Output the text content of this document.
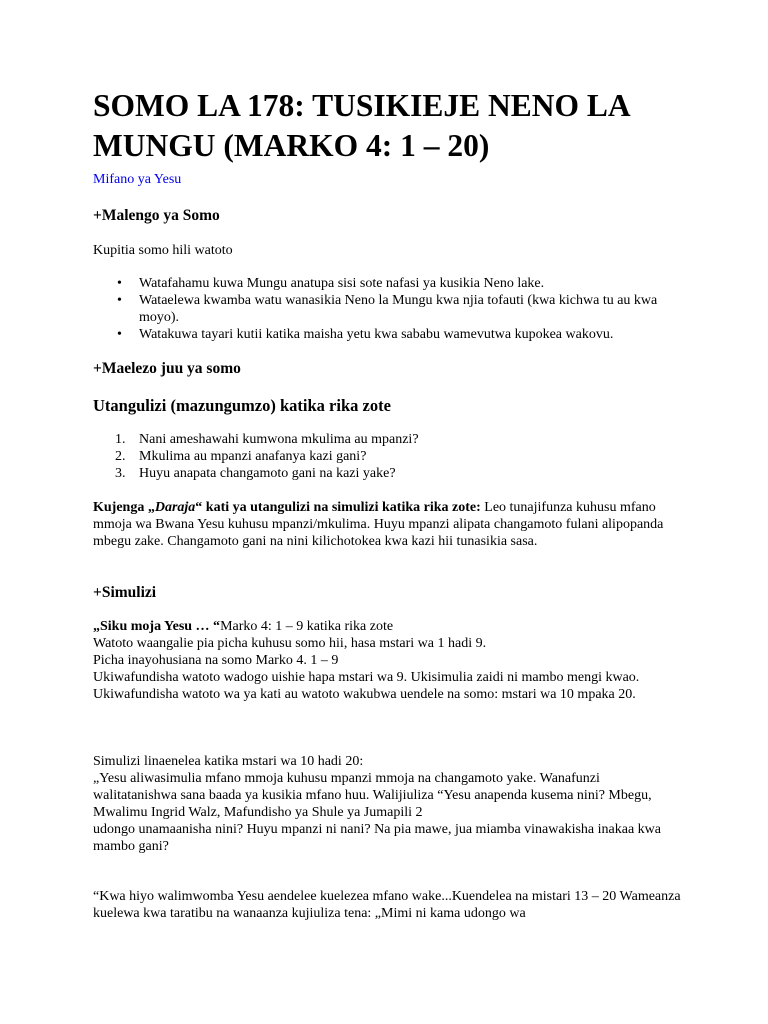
SOMO LA 178: TUSIKIEJE NENO LA MUNGU (MARKO 4: 1 – 20)
Mifano ya Yesu
+Malengo ya Somo

Kupitia somo hili watoto

• Watafahamu kuwa Mungu anatupa sisi sote nafasi ya kusikia Neno lake.
• Wataelewa kwamba watu wanasikia Neno la Mungu kwa njia tofauti (kwa kichwa tu au kwa moyo).
• Watakuwa tayari kutii katika maisha yetu kwa sababu wamevutwa kupokea wakovu.
+Maelezo juu ya somo
Utangulizi (mazungumzo) katika rika zote
1. Nani ameshawahi kumwona mkulima au mpanzi?
2. Mkulima au mpanzi anafanya kazi gani?
3. Huyu anapata changamoto gani na kazi yake?

Kujenga „Daraja“ kati ya utangulizi na simulizi katika rika zote: Leo tunajifunza kuhusu mfano mmoja wa Bwana Yesu kuhusu mpanzi/mkulima. Huyu mpanzi alipata changamoto fulani alipopanda mbegu zake. Changamoto gani na nini kilichotokea kwa kazi hii tunasikia sasa.

+Simulizi
„Siku moja Yesu … “Marko 4: 1 – 9 katika rika zote
Watoto waangalie pia picha kuhusu somo hii, hasa mstari wa 1 hadi 9.
Picha inayohusiana na somo Marko 4. 1 – 9
Ukiwafundisha watoto wadogo uishie hapa mstari wa 9. Ukisimulia zaidi ni mambo mengi kwao.
Ukiwafundisha watoto wa ya kati au watoto wakubwa uendele na somo: mstari wa 10 mpaka 20.
Simulizi linaenelea katika mstari wa 10 hadi 20:
„Yesu aliwasimulia mfano mmoja kuhusu mpanzi mmoja na changamoto yake. Wanafunzi walitatanishwa sana baada ya kusikia mfano huu. Walijiuliza “Yesu anapenda kusema nini? Mbegu,
Mwalimu Ingrid Walz, Mafundisho ya Shule ya Jumapili 2
udongo unamaanisha nini? Huyu mpanzi ni nani? Na pia mawe, jua miamba vinawakisha inakaa kwa mambo gani?

“Kwa hiyo walimwomba Yesu aendelee kuelezea mfano wake...Kuendelea na mistari 13 – 20 Wameanza kuelewa kwa taratibu na wanaanza kujiuliza tena: „Mimi ni kama udongo wa
